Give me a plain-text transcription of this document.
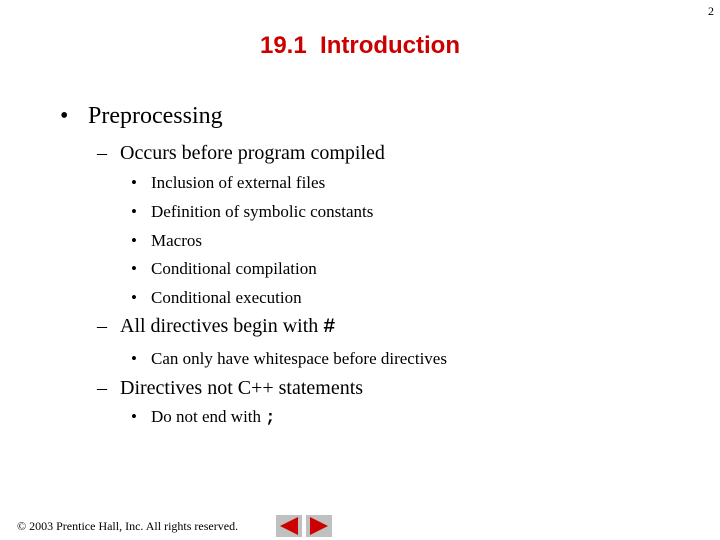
2
19.1  Introduction
• Preprocessing
– Occurs before program compiled
• Inclusion of external files
• Definition of symbolic constants
• Macros
• Conditional compilation
• Conditional execution
– All directives begin with #
• Can only have whitespace before directives
– Directives not C++ statements
• Do not end with ;
© 2003 Prentice Hall, Inc. All rights reserved.
